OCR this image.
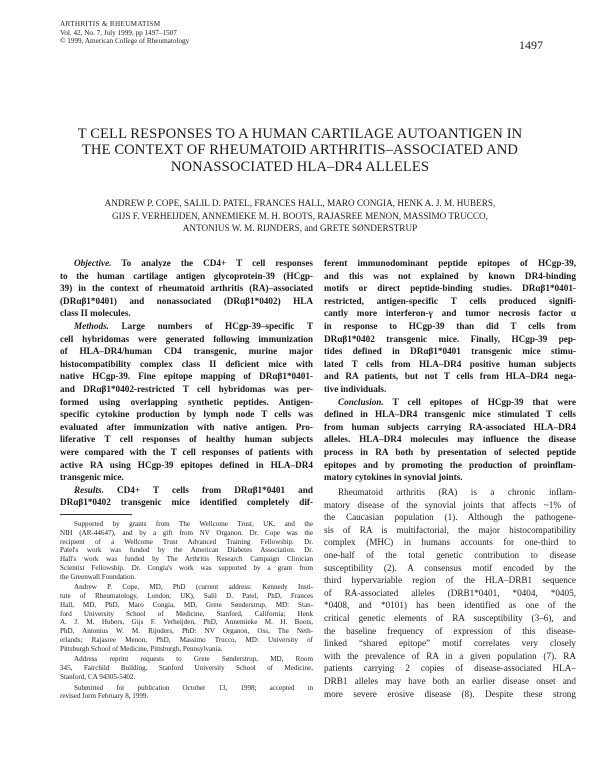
ARTHRITIS & RHEUMATISM
Vol. 42, No. 7, July 1999, pp 1497–1507
© 1999, American College of Rheumatology	1497
T CELL RESPONSES TO A HUMAN CARTILAGE AUTOANTIGEN IN
THE CONTEXT OF RHEUMATOID ARTHRITIS–ASSOCIATED AND
NONASSOCIATED HLA–DR4 ALLELES
ANDREW P. COPE, SALIL D. PATEL, FRANCES HALL, MARO CONGIA, HENK A. J. M. HUBERS,
GIJS F. VERHEIJDEN, ANNEMIEKE M. H. BOOTS, RAJASREE MENON, MASSIMO TRUCCO,
ANTONIUS W. M. RIJNDERS, and GRETE SØNDERSTRUP
Objective. To analyze the CD4+ T cell responses
to the human cartilage antigen glycoprotein-39 (HCgp-
39) in the context of rheumatoid arthritis (RA)–associated
(DRαβ1*0401) and nonassociated (DRαβ1*0402) HLA
class II molecules.
Methods. Large numbers of HCgp-39–specific T
cell hybridomas were generated following immunization
of HLA–DR4/human CD4 transgenic, murine major
histocompatibility complex class II deficient mice with
native HCgp-39. Fine epitope mapping of DRαβ1*0401-
and DRαβ1*0402-restricted T cell hybridomas was per-
formed using overlapping synthetic peptides. Antigen-
specific cytokine production by lymph node T cells was
evaluated after immunization with native antigen. Pro-
liferative T cell responses of healthy human subjects
were compared with the T cell responses of patients with
active RA using HCgp-39 epitopes defined in HLA–DR4
transgenic mice.
Results. CD4+ T cells from DRαβ1*0401 and
DRαβ1*0402 transgenic mice identified completely dif-
ferent immunodominant peptide epitopes of HCgp-39,
and this was not explained by known DR4-binding
motifs or direct peptide-binding studies. DRαβ1*0401-
restricted, antigen-specific T cells produced signifi-
cantly more interferon-γ and tumor necrosis factor α
in response to HCgp-39 than did T cells from
DRαβ1*0402 transgenic mice. Finally, HCgp-39 pep-
tides defined in DRαβ1*0401 transgenic mice stimu-
lated T cells from HLA–DR4 positive human subjects
and RA patients, but not T cells from HLA–DR4 nega-
tive individuals.
Conclusion. T cell epitopes of HCgp-39 that were
defined in HLA–DR4 transgenic mice stimulated T cells
from human subjects carrying RA-associated HLA–DR4
alleles. HLA–DR4 molecules may influence the disease
process in RA both by presentation of selected peptide
epitopes and by promoting the production of proinflam-
matory cytokines in synovial joints.
Rheumatoid arthritis (RA) is a chronic inflam-
matory disease of the synovial joints that affects ~1% of
the Caucasian population (1). Although the pathogene-
sis of RA is multifactorial, the major histocompatibility
complex (MHC) in humans accounts for one-third to
one-half of the total genetic contribution to disease
susceptibility (2). A consensus motif encoded by the
third hypervariable region of the HLA–DRB1 sequence
of RA-associated alleles (DRB1*0401, *0404, *0405,
*0408, and *0101) has been identified as one of the
critical genetic elements of RA susceptibility (3–6), and
the baseline frequency of expression of this disease-
linked “shared epitope” motif correlates very closely
with the prevalence of RA in a given population (7). RA
patients carrying 2 copies of disease-associated HLA–
DRB1 alleles may have both an earlier disease onset and
more severe erosive disease (8). Despite these strong
Supported by grants from The Wellcome Trust, UK, and the
NIH (AR-44647), and by a gift from NV Organon. Dr. Cope was the
recipient of a Wellcome Trust Advanced Training Fellowship. Dr.
Patel's work was funded by the American Diabetes Association. Dr.
Hall's work was funded by The Arthritis Research Campaign Clinician
Scientist Fellowship. Dr. Congia's work was supported by a grant from
the Greenwall Foundation.
Andrew P. Cope, MD, PhD (current address: Kennedy Insti-
tute of Rheumatology, London, UK), Salil D. Patel, PhD, Frances
Hall, MD, PhD, Maro Congia, MD, Grete Sønderstrup, MD: Stan-
ford University School of Medicine, Stanford, California; Henk
A. J. M. Hubers, Gijs F. Verheijden, PhD, Annemieke M. H. Boots,
PhD, Antonius W. M. Rijnders, PhD: NV Organon, Oss, The Neth-
erlands; Rajasree Menon, PhD, Massimo Trucco, MD: University of
Pittsburgh School of Medicine, Pittsburgh, Pennsylvania.
Address reprint requests to Grete Sønderstrup, MD, Room
345, Fairchild Building, Stanford University School of Medicine,
Stanford, CA 94305-5402.
Submitted for publication October 13, 1998; accepted in
revised form February 8, 1999.
